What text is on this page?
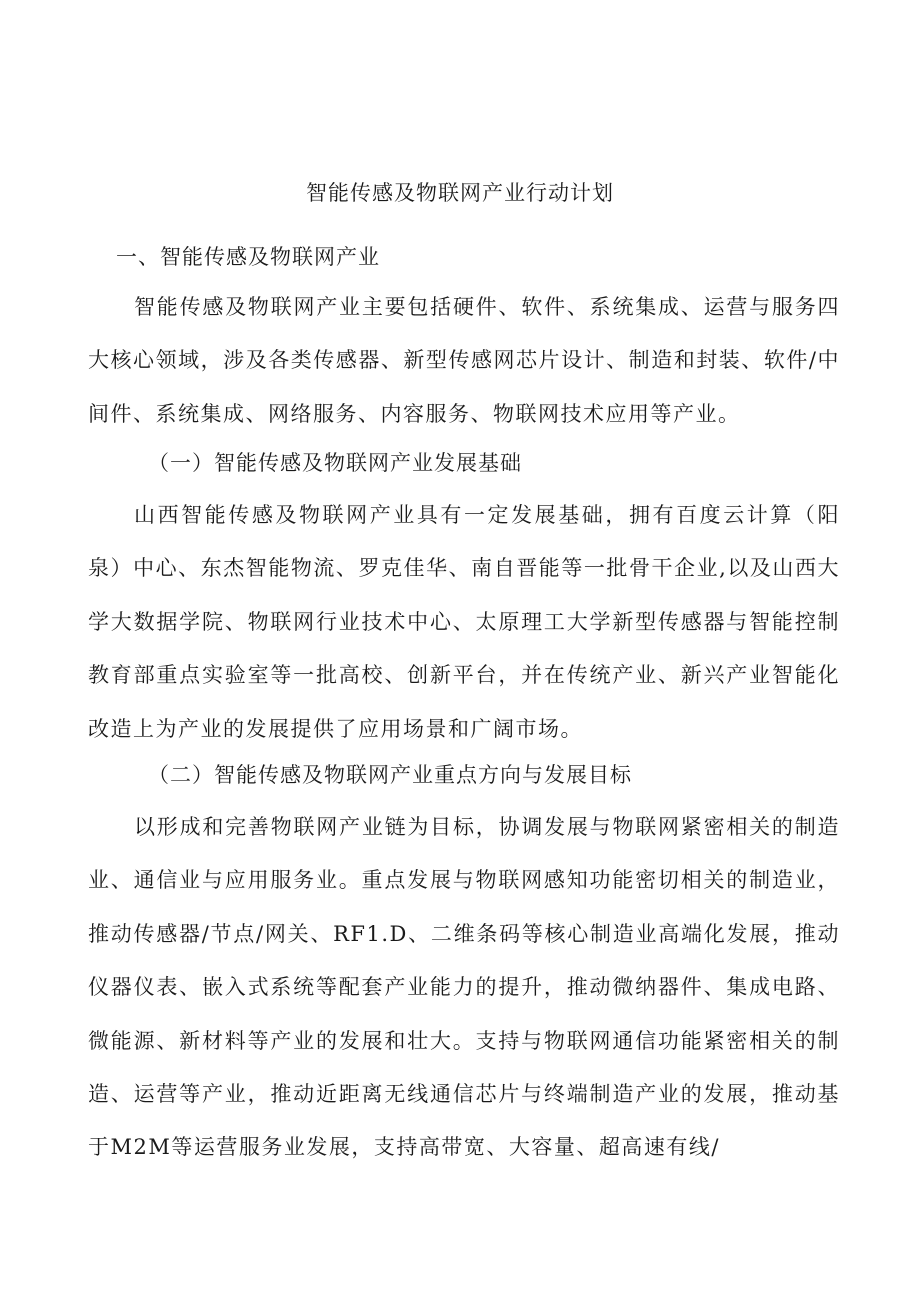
智能传感及物联网产业行动计划
一、智能传感及物联网产业

智能传感及物联网产业主要包括硬件、软件、系统集成、运营与服务四大核心领域，涉及各类传感器、新型传感网芯片设计、制造和封装、软件/中间件、系统集成、网络服务、内容服务、物联网技术应用等产业。

（一）智能传感及物联网产业发展基础

山西智能传感及物联网产业具有一定发展基础，拥有百度云计算（阳泉）中心、东杰智能物流、罗克佳华、南自晋能等一批骨干企业,以及山西大学大数据学院、物联网行业技术中心、太原理工大学新型传感器与智能控制教育部重点实验室等一批高校、创新平台，并在传统产业、新兴产业智能化改造上为产业的发展提供了应用场景和广阔市场。

（二）智能传感及物联网产业重点方向与发展目标

以形成和完善物联网产业链为目标，协调发展与物联网紧密相关的制造业、通信业与应用服务业。重点发展与物联网感知功能密切相关的制造业，推动传感器/节点/网关、RF1.D、二维条码等核心制造业高端化发展，推动仪器仪表、嵌入式系统等配套产业能力的提升，推动微纳器件、集成电路、微能源、新材料等产业的发展和壮大。支持与物联网通信功能紧密相关的制造、运营等产业，推动近距离无线通信芯片与终端制造产业的发展，推动基于M2M等运营服务业发展，支持高带宽、大容量、超高速有线/
